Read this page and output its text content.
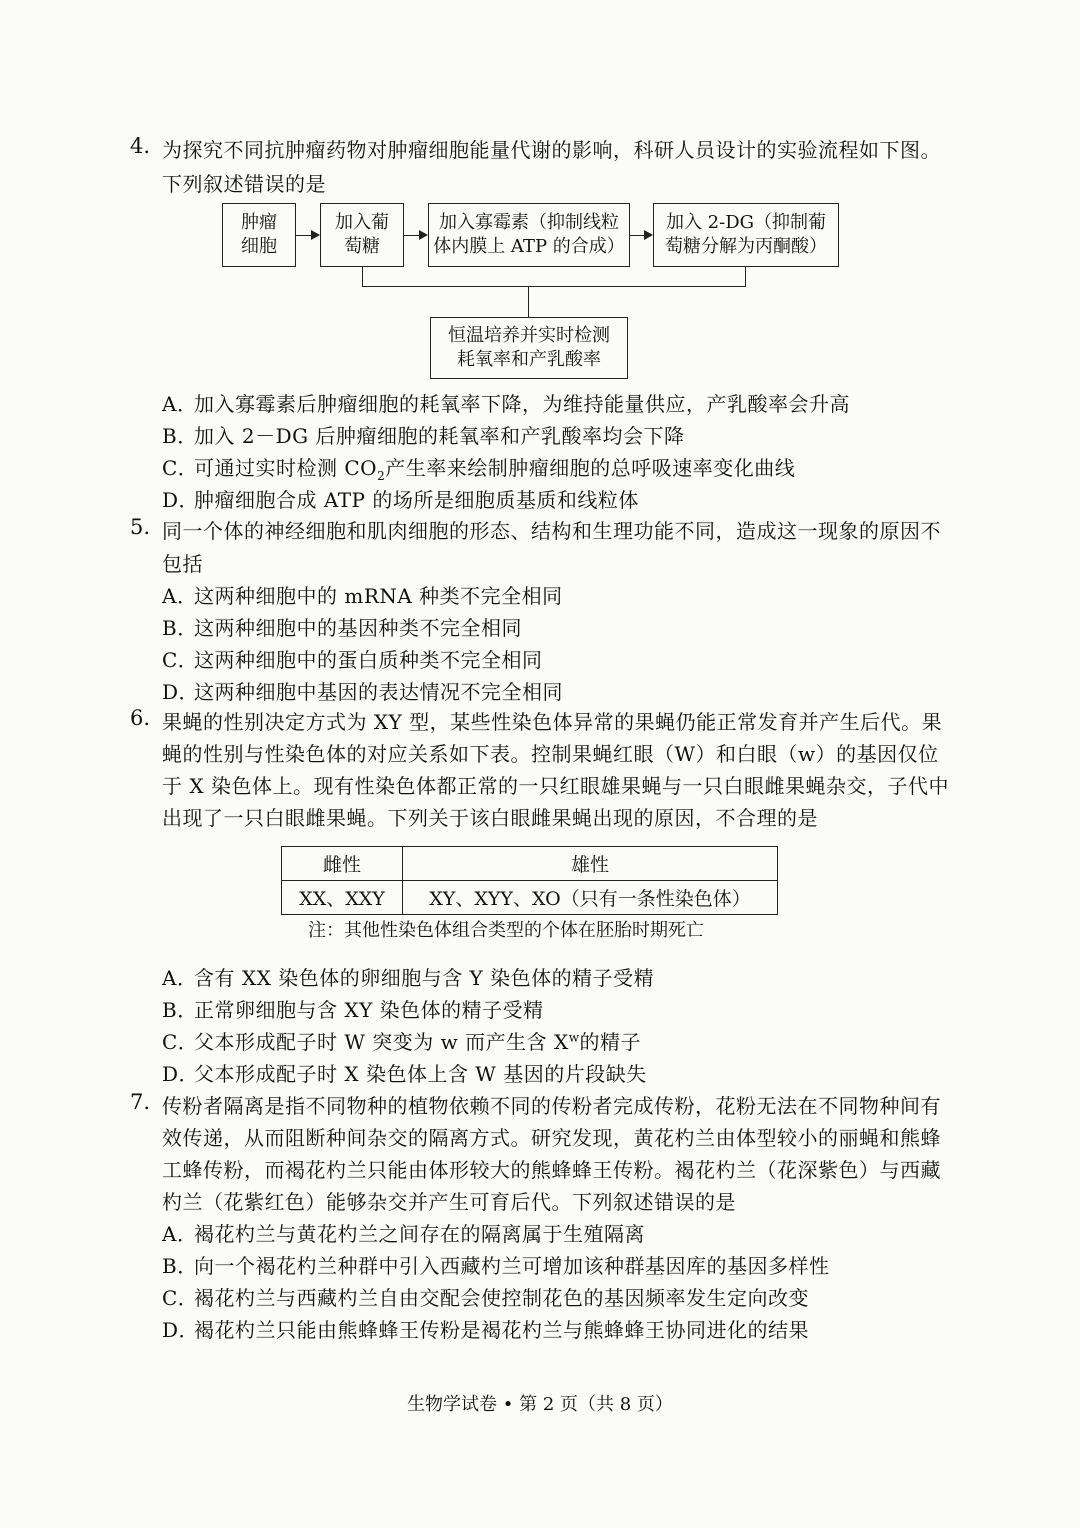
4. 为探究不同抗肿瘤药物对肿瘤细胞能量代谢的影响，科研人员设计的实验流程如下图。
下列叙述错误的是
肿瘤
细胞
加入葡
萄糖
加入寡霉素（抑制线粒
体内膜上 ATP 的合成）
加入 2-DG（抑制葡
萄糖分解为丙酮酸）
恒温培养并实时检测
耗氧率和产乳酸率
A．加入寡霉素后肿瘤细胞的耗氧率下降，为维持能量供应，产乳酸率会升高
B．加入 2－DG 后肿瘤细胞的耗氧率和产乳酸率均会下降
C．可通过实时检测 $CO_2$产生率来绘制肿瘤细胞的总呼吸速率变化曲线
D．肿瘤细胞合成 ATP 的场所是细胞质基质和线粒体
5. 同一个体的神经细胞和肌肉细胞的形态、结构和生理功能不同，造成这一现象的原因不
包括
A．这两种细胞中的 mRNA 种类不完全相同
B．这两种细胞中的基因种类不完全相同
C．这两种细胞中的蛋白质种类不完全相同
D．这两种细胞中基因的表达情况不完全相同
6. 果蝇的性别决定方式为 XY 型，某些性染色体异常的果蝇仍能正常发育并产生后代。果
蝇的性别与性染色体的对应关系如下表。控制果蝇红眼（W）和白眼（w）的基因仅位
于 X 染色体上。现有性染色体都正常的一只红眼雄果蝇与一只白眼雌果蝇杂交，子代中
出现了一只白眼雌果蝇。下列关于该白眼雌果蝇出现的原因，不合理的是
雌性	雄性
XX、XXY	XY、XYY、XO（只有一条性染色体）
注：其他性染色体组合类型的个体在胚胎时期死亡
A．含有 XX 染色体的卵细胞与含 Y 染色体的精子受精
B．正常卵细胞与含 XY 染色体的精子受精
C．父本形成配子时 W 突变为 w 而产生含 $X^w$的精子
D．父本形成配子时 X 染色体上含 W 基因的片段缺失
7. 传粉者隔离是指不同物种的植物依赖不同的传粉者完成传粉，花粉无法在不同物种间有
效传递，从而阻断种间杂交的隔离方式。研究发现，黄花杓兰由体型较小的丽蝇和熊蜂
工蜂传粉，而褐花杓兰只能由体形较大的熊蜂蜂王传粉。褐花杓兰（花深紫色）与西藏
杓兰（花紫红色）能够杂交并产生可育后代。下列叙述错误的是
A．褐花杓兰与黄花杓兰之间存在的隔离属于生殖隔离
B．向一个褐花杓兰种群中引入西藏杓兰可增加该种群基因库的基因多样性
C．褐花杓兰与西藏杓兰自由交配会使控制花色的基因频率发生定向改变
D．褐花杓兰只能由熊蜂蜂王传粉是褐花杓兰与熊蜂蜂王协同进化的结果
生物学试卷 • 第 2 页（共 8 页）
